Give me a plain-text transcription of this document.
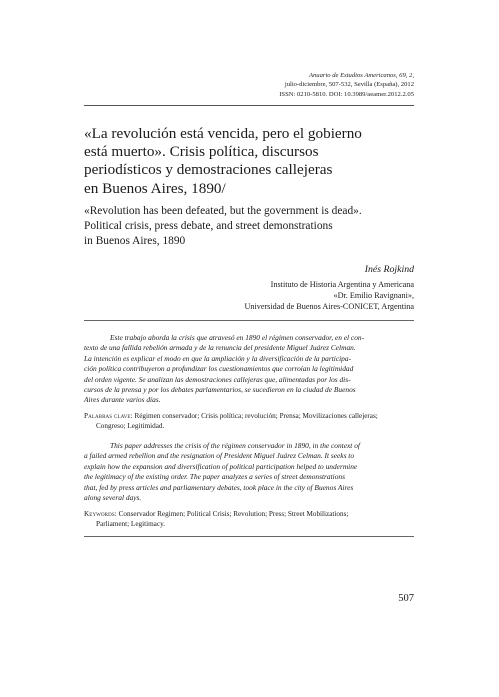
Anuario de Estudios Americanos, 69, 2,
julio-diciembre, 507-532, Sevilla (España), 2012
ISSN: 0210-5810. DOI: 10.3989/aeamer.2012.2.05
«La revolución está vencida, pero el gobierno
está muerto». Crisis política, discursos
periodísticos y demostraciones callejeras
en Buenos Aires, 1890/
«Revolution has been defeated, but the government is dead».
Political crisis, press debate, and street demonstrations
in Buenos Aires, 1890
Inés Rojkind
Instituto de Historia Argentina y Americana
«Dr. Emilio Ravignani»,
Universidad de Buenos Aires-CONICET, Argentina
Este trabajo aborda la crisis que atravesó en 1890 el régimen conservador, en el con-
texto de una fallida rebelión armada y de la renuncia del presidente Miguel Juárez Celman.
La intención es explicar el modo en que la ampliación y la diversificación de la participa-
ción política contribuyeron a profundizar los cuestionamientos que corroían la legitimidad
del orden vigente. Se analizan las demostraciones callejeras que, alimentadas por los dis-
cursos de la prensa y por los debates parlamentarios, se sucedieron en la ciudad de Buenos
Aires durante varios días.
Palabras clave: Régimen conservador; Crisis política; revolución; Prensa; Movilizaciones callejeras;
Congreso; Legitimidad.
This paper addresses the crisis of the régimen conservador in 1890, in the context of
a failed armed rebellion and the resignation of President Miguel Juárez Celman. It seeks to
explain how the expansion and diversification of political participation helped to undermine
the legitimacy of the existing order. The paper analyzes a series of street demonstrations
that, fed by press articles and parliamentary debates, took place in the city of Buenos Aires
along several days.
Keywords: Conservador Regimen; Political Crisis; Revolution; Press; Street Mobilizations;
Parliament; Legitimacy.
507
